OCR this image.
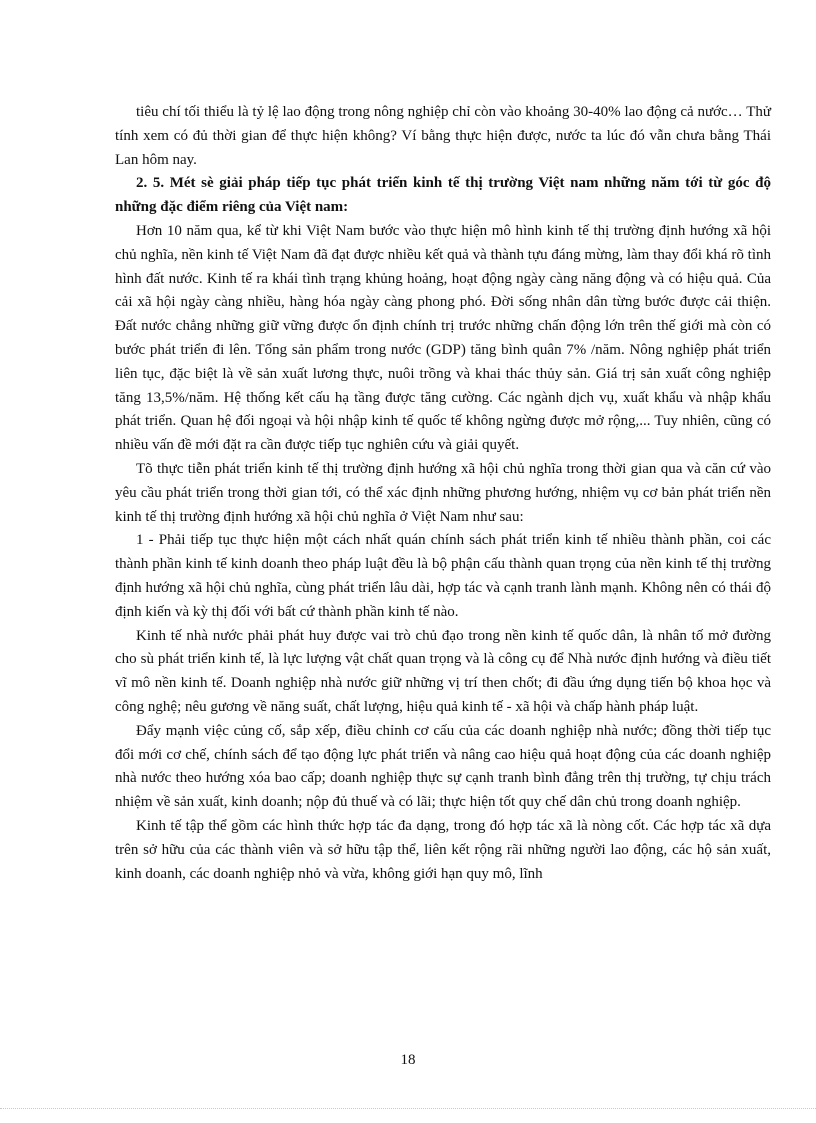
tiêu chí tối thiểu là tỷ lệ lao động trong nông nghiệp chỉ còn vào khoảng 30-40% lao động cả nước… Thử tính xem có đủ thời gian để thực hiện không? Ví bằng thực hiện được, nước ta lúc đó vẫn chưa bằng Thái Lan hôm nay.

2. 5. Mét sè giải pháp tiếp tục phát triển kinh tế thị trường Việt nam những năm tới từ góc độ những đặc điểm riêng của Việt nam:

Hơn 10 năm qua, kể từ khi Việt Nam bước vào thực hiện mô hình kinh tế thị trường định hướng xã hội chủ nghĩa, nền kinh tế Việt Nam đã đạt được nhiều kết quả và thành tựu đáng mừng, làm thay đổi khá rõ tình hình đất nước. Kinh tế ra khái tình trạng khủng hoảng, hoạt động ngày càng năng động và có hiệu quả. Của cải xã hội ngày càng nhiều, hàng hóa ngày càng phong phó. Đời sống nhân dân từng bước được cải thiện. Đất nước chẳng những giữ vững được ổn định chính trị trước những chấn động lớn trên thế giới mà còn có bước phát triển đi lên. Tổng sản phẩm trong nước (GDP) tăng bình quân 7% /năm. Nông nghiệp phát triển liên tục, đặc biệt là về sản xuất lương thực, nuôi trồng và khai thác thủy sản. Giá trị sản xuất công nghiệp tăng 13,5%/năm. Hệ thống kết cấu hạ tầng được tăng cường. Các ngành dịch vụ, xuất khẩu và nhập khẩu phát triển. Quan hệ đối ngoại và hội nhập kinh tế quốc tế không ngừng được mở rộng,... Tuy nhiên, cũng có nhiều vấn đề mới đặt ra cần được tiếp tục nghiên cứu và giải quyết.

Tõ thực tiễn phát triển kinh tế thị trường định hướng xã hội chủ nghĩa trong thời gian qua và căn cứ vào yêu cầu phát triển trong thời gian tới, có thể xác định những phương hướng, nhiệm vụ cơ bản phát triển nền kinh tế thị trường định hướng xã hội chủ nghĩa ở Việt Nam như sau:

1 - Phải tiếp tục thực hiện một cách nhất quán chính sách phát triển kinh tế nhiều thành phần, coi các thành phần kinh tế kinh doanh theo pháp luật đều là bộ phận cấu thành quan trọng của nền kinh tế thị trường định hướng xã hội chủ nghĩa, cùng phát triển lâu dài, hợp tác và cạnh tranh lành mạnh. Không nên có thái độ định kiến và kỳ thị đối với bất cứ thành phần kinh tế nào.

Kinh tế nhà nước phải phát huy được vai trò chủ đạo trong nền kinh tế quốc dân, là nhân tố mở đường cho sù phát triển kinh tế, là lực lượng vật chất quan trọng và là công cụ để Nhà nước định hướng và điều tiết vĩ mô nền kinh tế. Doanh nghiệp nhà nước giữ những vị trí then chốt; đi đầu ứng dụng tiến bộ khoa học và công nghệ; nêu gương về năng suất, chất lượng, hiệu quả kinh tế - xã hội và chấp hành pháp luật.

Đẩy mạnh việc củng cố, sắp xếp, điều chỉnh cơ cấu của các doanh nghiệp nhà nước; đồng thời tiếp tục đổi mới cơ chế, chính sách để tạo động lực phát triển và nâng cao hiệu quả hoạt động của các doanh nghiệp nhà nước theo hướng xóa bao cấp; doanh nghiệp thực sự cạnh tranh bình đẳng trên thị trường, tự chịu trách nhiệm về sản xuất, kinh doanh; nộp đủ thuế và có lãi; thực hiện tốt quy chế dân chủ trong doanh nghiệp.

Kinh tế tập thể gồm các hình thức hợp tác đa dạng, trong đó hợp tác xã là nòng cốt. Các hợp tác xã dựa trên sở hữu của các thành viên và sở hữu tập thể, liên kết rộng rãi những người lao động, các hộ sản xuất, kinh doanh, các doanh nghiệp nhỏ và vừa, không giới hạn quy mô, lĩnh

18
